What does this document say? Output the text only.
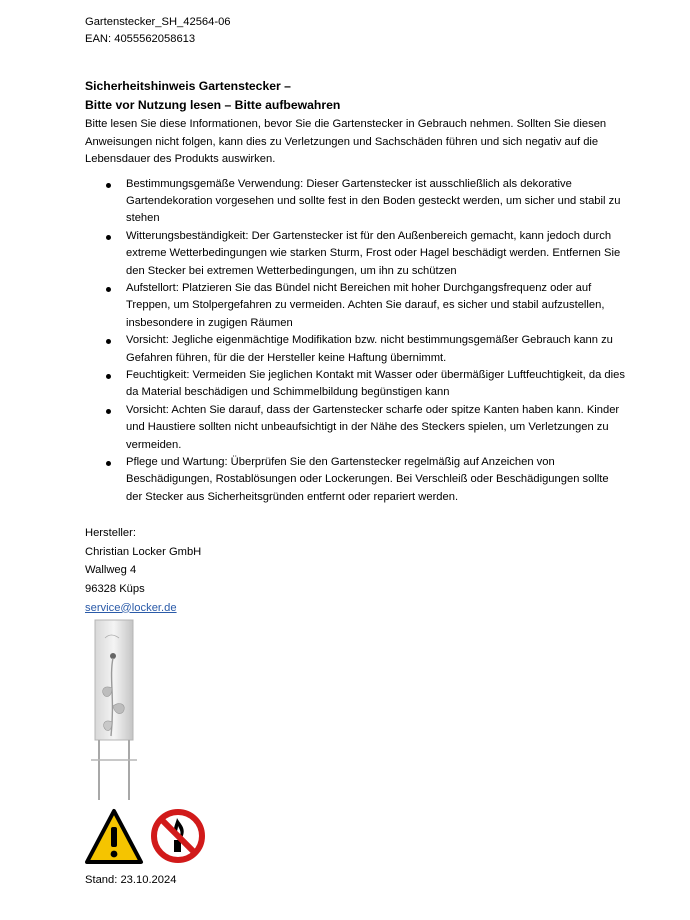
Gartenstecker_SH_42564-06
EAN: 4055562058613
Sicherheitshinweis Gartenstecker –
Bitte vor Nutzung lesen – Bitte aufbewahren
Bitte lesen Sie diese Informationen, bevor Sie die Gartenstecker in Gebrauch nehmen. Sollten Sie diesen Anweisungen nicht folgen, kann dies zu Verletzungen und Sachschäden führen und sich negativ auf die Lebensdauer des Produkts auswirken.
Bestimmungsgemäße Verwendung: Dieser Gartenstecker ist ausschließlich als dekorative Gartendekoration vorgesehen und sollte fest in den Boden gesteckt werden, um sicher und stabil zu stehen
Witterungsbeständigkeit: Der Gartenstecker ist für den Außenbereich gemacht, kann jedoch durch extreme Wetterbedingungen wie starken Sturm, Frost oder Hagel beschädigt werden. Entfernen Sie den Stecker bei extremen Wetterbedingungen, um ihn zu schützen
Aufstellort: Platzieren Sie das Bündel nicht Bereichen mit hoher Durchgangsfrequenz oder auf Treppen, um Stolpergefahren zu vermeiden. Achten Sie darauf, es sicher und stabil aufzustellen, insbesondere in zugigen Räumen
Vorsicht: Jegliche eigenmächtige Modifikation bzw. nicht bestimmungsgemäßer Gebrauch kann zu Gefahren führen, für die der Hersteller keine Haftung übernimmt.
Feuchtigkeit: Vermeiden Sie jeglichen Kontakt mit Wasser oder übermäßiger Luftfeuchtigkeit, da dies da Material beschädigen und Schimmelbildung begünstigen kann
Vorsicht: Achten Sie darauf, dass der Gartenstecker scharfe oder spitze Kanten haben kann. Kinder und Haustiere sollten nicht unbeaufsichtigt in der Nähe des Steckers spielen, um Verletzungen zu vermeiden.
Pflege und Wartung: Überprüfen Sie den Gartenstecker regelmäßig auf Anzeichen von Beschädigungen, Rostablösungen oder Lockerungen. Bei Verschleiß oder Beschädigungen sollte der Stecker aus Sicherheitsgründen entfernt oder repariert werden.
Hersteller:
Christian Locker GmbH
Wallweg 4
96328 Küps
service@locker.de
Stand: 23.10.2024
